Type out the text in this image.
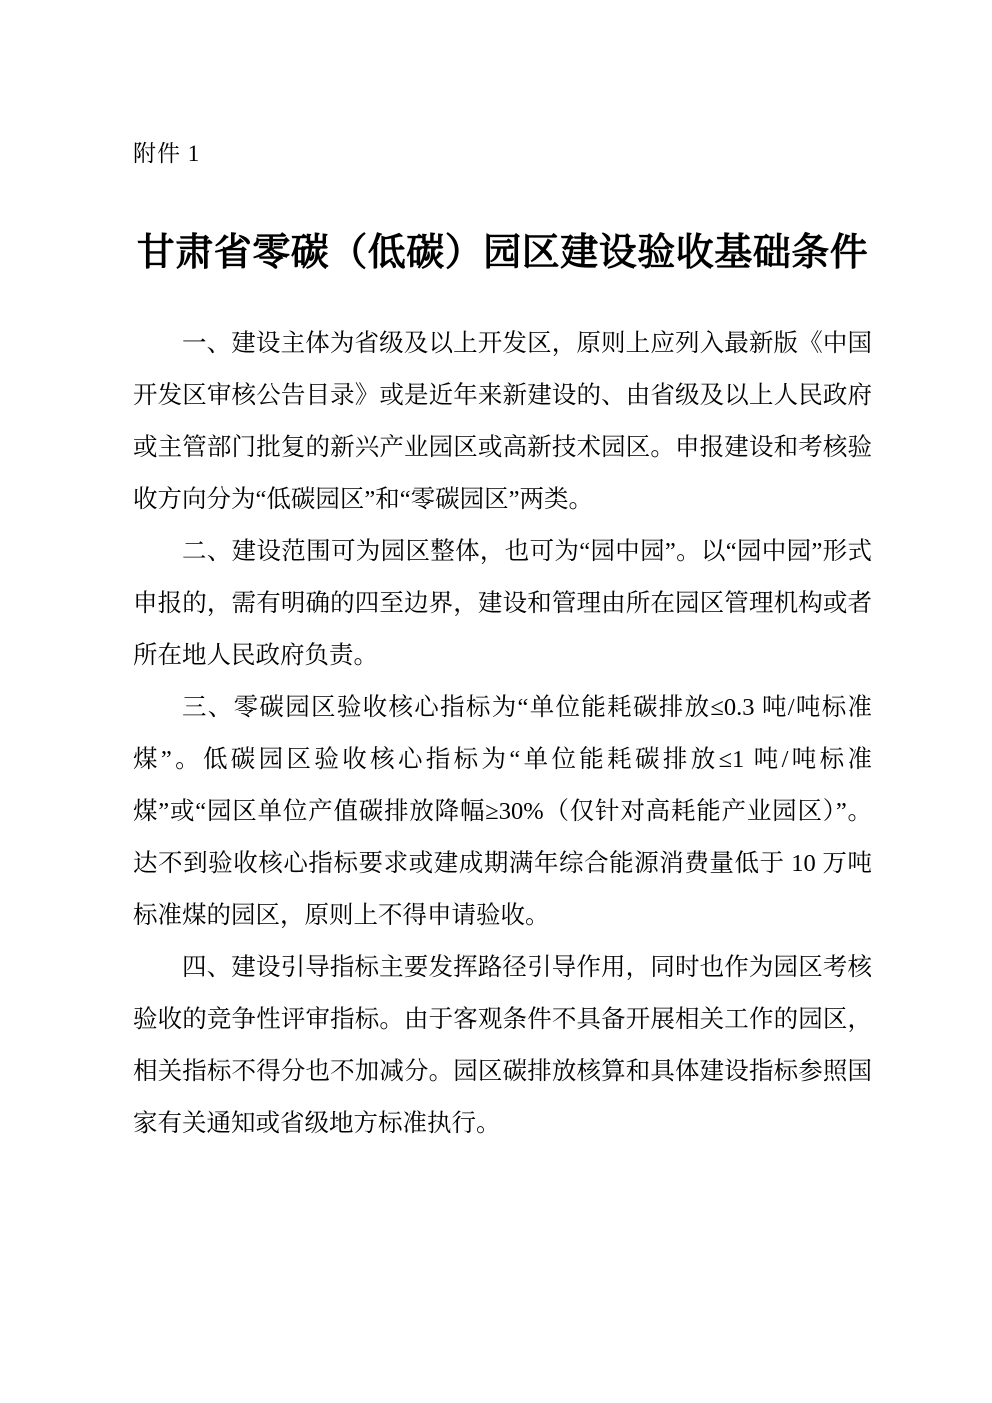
附件 1
甘肃省零碳（低碳）园区建设验收基础条件

一、建设主体为省级及以上开发区，原则上应列入最新版《中国开发区审核公告目录》或是近年来新建设的、由省级及以上人民政府或主管部门批复的新兴产业园区或高新技术园区。申报建设和考核验收方向分为“低碳园区”和“零碳园区”两类。

二、建设范围可为园区整体，也可为“园中园”。以“园中园”形式申报的，需有明确的四至边界，建设和管理由所在园区管理机构或者所在地人民政府负责。

三、零碳园区验收核心指标为“单位能耗碳排放≤0.3 吨/吨标准煤”。低碳园区验收核心指标为“单位能耗碳排放≤1 吨/吨标准煤”或“园区单位产值碳排放降幅≥30%（仅针对高耗能产业园区）”。达不到验收核心指标要求或建成期满年综合能源消费量低于 10 万吨标准煤的园区，原则上不得申请验收。

四、建设引导指标主要发挥路径引导作用，同时也作为园区考核验收的竞争性评审指标。由于客观条件不具备开展相关工作的园区，相关指标不得分也不加减分。园区碳排放核算和具体建设指标参照国家有关通知或省级地方标准执行。
